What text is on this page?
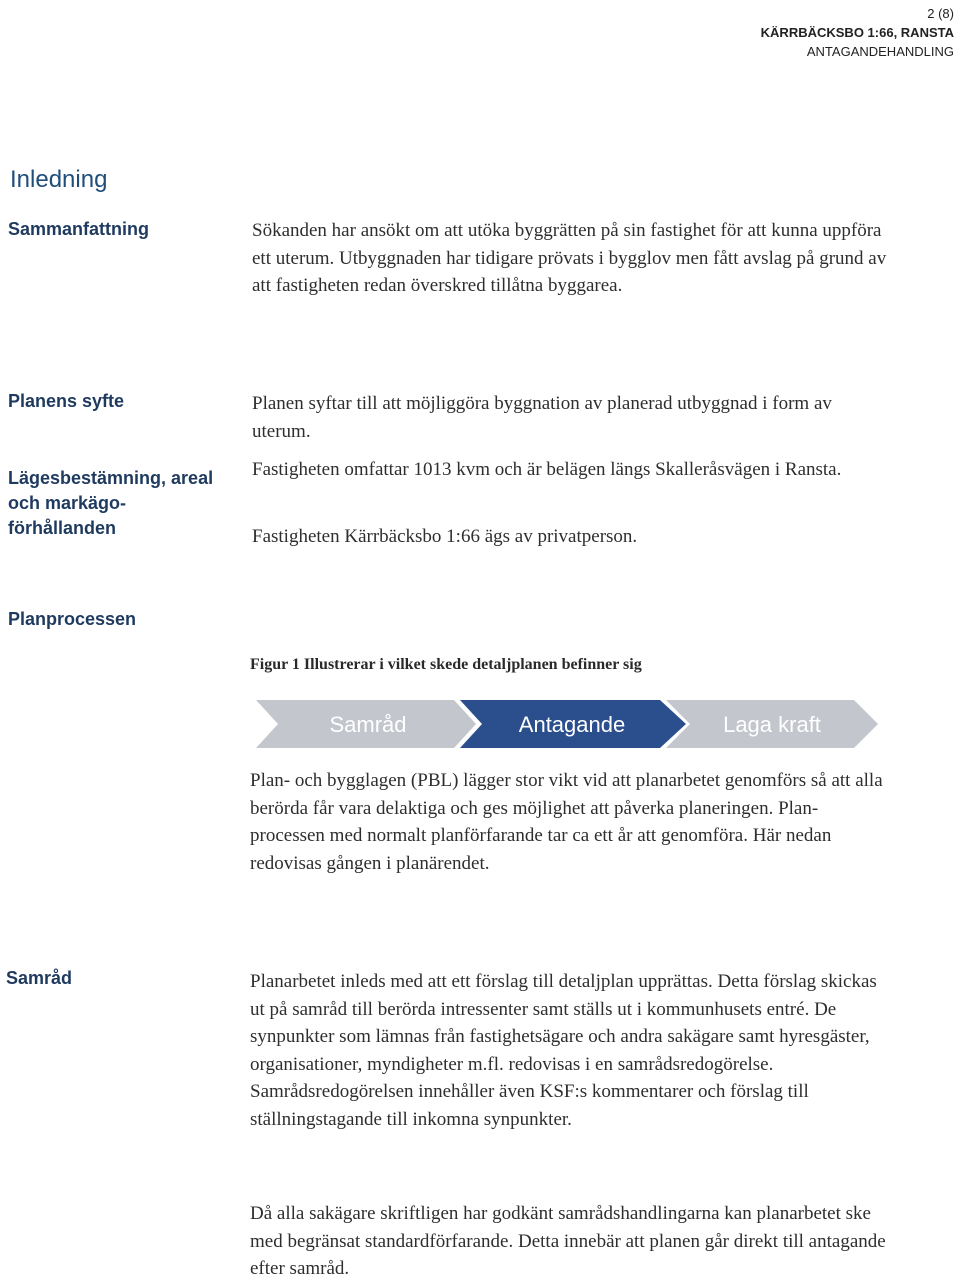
2 (8)
KÄRRBÄCKSBO 1:66, RANSTA
ANTAGANDEHANDLING
Inledning
Sammanfattning	Sökanden har ansökt om att utöka byggrätten på sin fastighet för att kunna uppföra ett uterum. Utbyggnaden har tidigare prövats i bygglov men fått avslag på grund av att fastigheten redan överskred tillåtna byggarea.
Planens syfte	Planen syftar till att möjliggöra byggnation av planerad utbyggnad i form av uterum.
Lägesbestämning, areal och markägo-förhållanden
Fastigheten omfattar 1013 kvm och är belägen längs Skalleråsvägen i Ransta.
Fastigheten Kärrbäcksbo 1:66 ägs av privatperson.
Planprocessen
Figur 1 Illustrerar i vilket skede detaljplanen befinner sig
Samråd	Antagande	Laga kraft
Plan- och bygglagen (PBL) lägger stor vikt vid att planarbetet genomförs så att alla berörda får vara delaktiga och ges möjlighet att påverka planeringen. Plan-processen med normalt planförfarande tar ca ett år att genomföra. Här nedan redovisas gången i planärendet.
Samråd	Planarbetet inleds med att ett förslag till detaljplan upprättas. Detta förslag skickas ut på samråd till berörda intressenter samt ställs ut i kommunhusets entré. De synpunkter som lämnas från fastighetsägare och andra sakägare samt hyresgäster, organisationer, myndigheter m.fl. redovisas i en samrådsredogörelse. Samrådsredogörelsen innehåller även KSF:s kommentarer och förslag till ställningstagande till inkomna synpunkter.
Då alla sakägare skriftligen har godkänt samrådshandlingarna kan planarbetet ske med begränsat standardförfarande. Detta innebär att planen går direkt till antagande efter samråd.
